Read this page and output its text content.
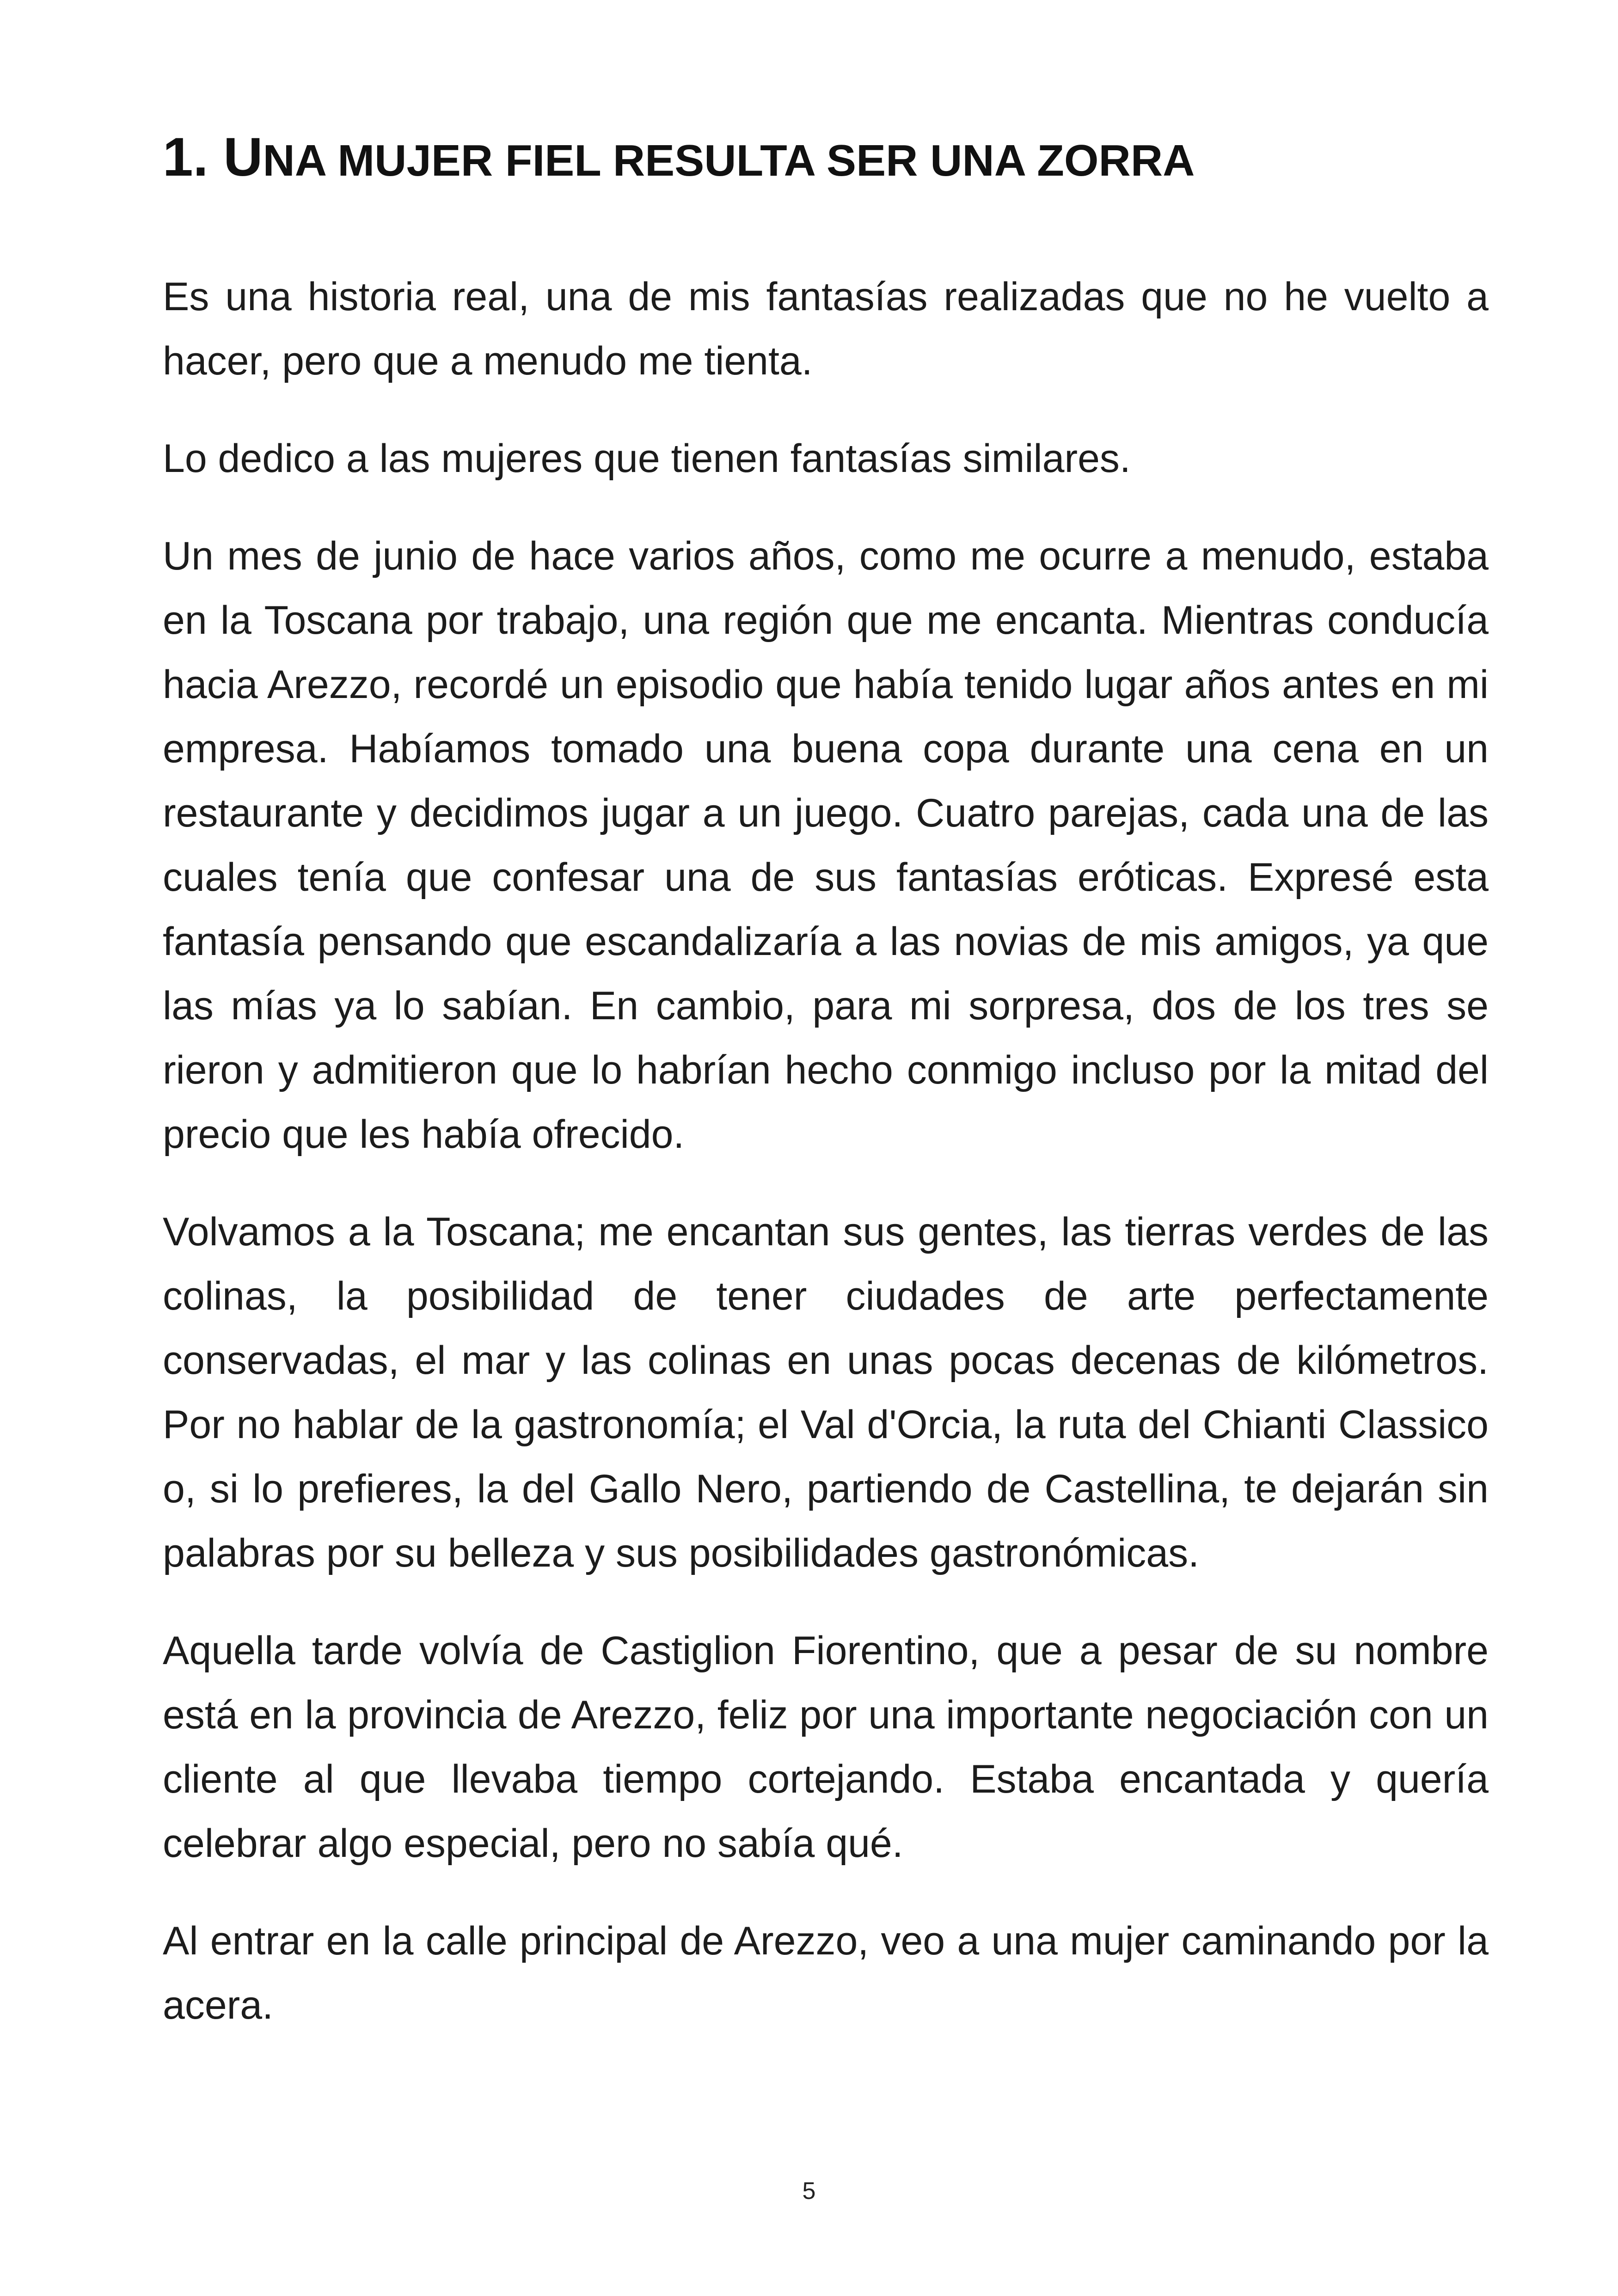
1. UNA MUJER FIEL RESULTA SER UNA ZORRA

Es una historia real, una de mis fantasías realizadas que no he vuelto a hacer, pero que a menudo me tienta.

Lo dedico a las mujeres que tienen fantasías similares.

Un mes de junio de hace varios años, como me ocurre a menudo, estaba en la Toscana por trabajo, una región que me encanta. Mientras conducía hacia Arezzo, recordé un episodio que había tenido lugar años antes en mi empresa. Habíamos tomado una buena copa durante una cena en un restaurante y decidimos jugar a un juego. Cuatro parejas, cada una de las cuales tenía que confesar una de sus fantasías eróticas. Expresé esta fantasía pensando que escandalizaría a las novias de mis amigos, ya que las mías ya lo sabían. En cambio, para mi sorpresa, dos de los tres se rieron y admitieron que lo habrían hecho conmigo incluso por la mitad del precio que les había ofrecido.

Volvamos a la Toscana; me encantan sus gentes, las tierras verdes de las colinas, la posibilidad de tener ciudades de arte perfectamente conservadas, el mar y las colinas en unas pocas decenas de kilómetros. Por no hablar de la gastronomía; el Val d'Orcia, la ruta del Chianti Classico o, si lo prefieres, la del Gallo Nero, partiendo de Castellina, te dejarán sin palabras por su belleza y sus posibilidades gastronómicas.

Aquella tarde volvía de Castiglion Fiorentino, que a pesar de su nombre está en la provincia de Arezzo, feliz por una importante negociación con un cliente al que llevaba tiempo cortejando. Estaba encantada y quería celebrar algo especial, pero no sabía qué.

Al entrar en la calle principal de Arezzo, veo a una mujer caminando por la acera.

5
